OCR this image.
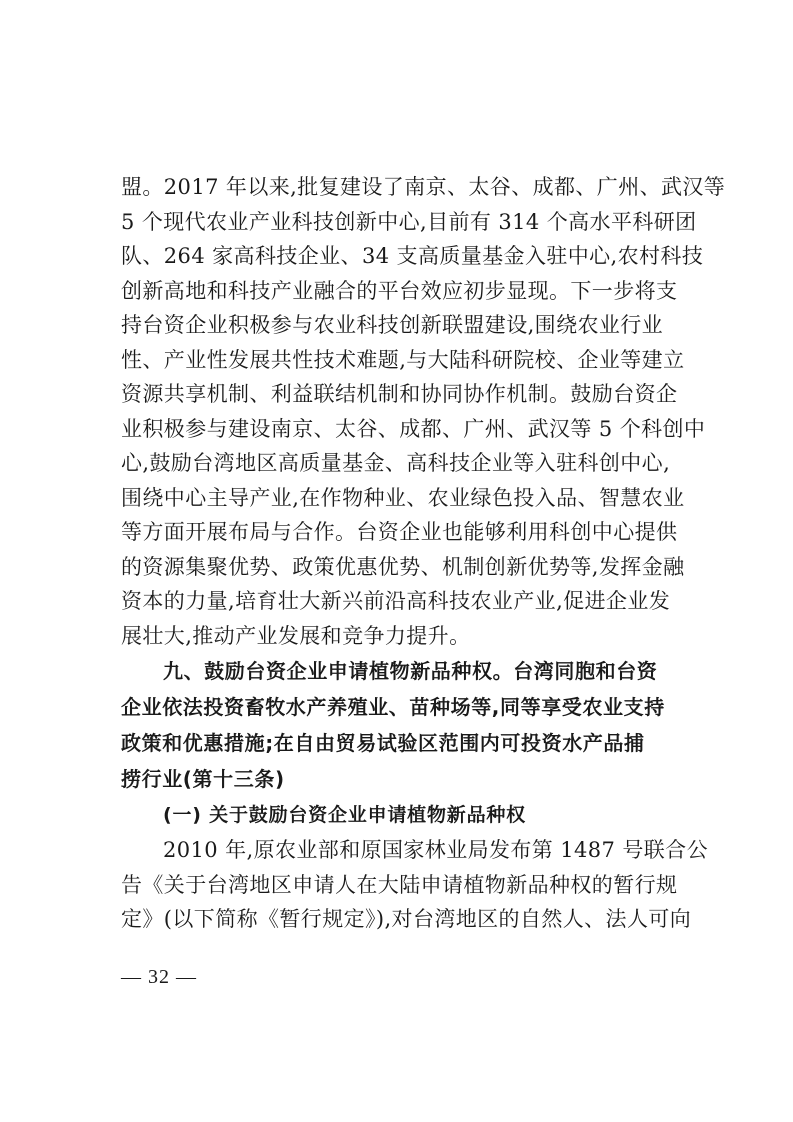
盟。2017 年以来,批复建设了南京、太谷、成都、广州、武汉等
5 个现代农业产业科技创新中心,目前有 314 个高水平科研团
队、264 家高科技企业、34 支高质量基金入驻中心,农村科技
创新高地和科技产业融合的平台效应初步显现。下一步将支
持台资企业积极参与农业科技创新联盟建设,围绕农业行业
性、产业性发展共性技术难题,与大陆科研院校、企业等建立
资源共享机制、利益联结机制和协同协作机制。鼓励台资企
业积极参与建设南京、太谷、成都、广州、武汉等 5 个科创中
心,鼓励台湾地区高质量基金、高科技企业等入驻科创中心,
围绕中心主导产业,在作物种业、农业绿色投入品、智慧农业
等方面开展布局与合作。台资企业也能够利用科创中心提供
的资源集聚优势、政策优惠优势、机制创新优势等,发挥金融
资本的力量,培育壮大新兴前沿高科技农业产业,促进企业发
展壮大,推动产业发展和竞争力提升。
九、鼓励台资企业申请植物新品种权。台湾同胞和台资
企业依法投资畜牧水产养殖业、苗种场等,同等享受农业支持
政策和优惠措施;在自由贸易试验区范围内可投资水产品捕
捞行业(第十三条)
(一) 关于鼓励台资企业申请植物新品种权
2010 年,原农业部和原国家林业局发布第 1487 号联合公
告《关于台湾地区申请人在大陆申请植物新品种权的暂行规
定》(以下简称《暂行规定》),对台湾地区的自然人、法人可向
— 32 —
